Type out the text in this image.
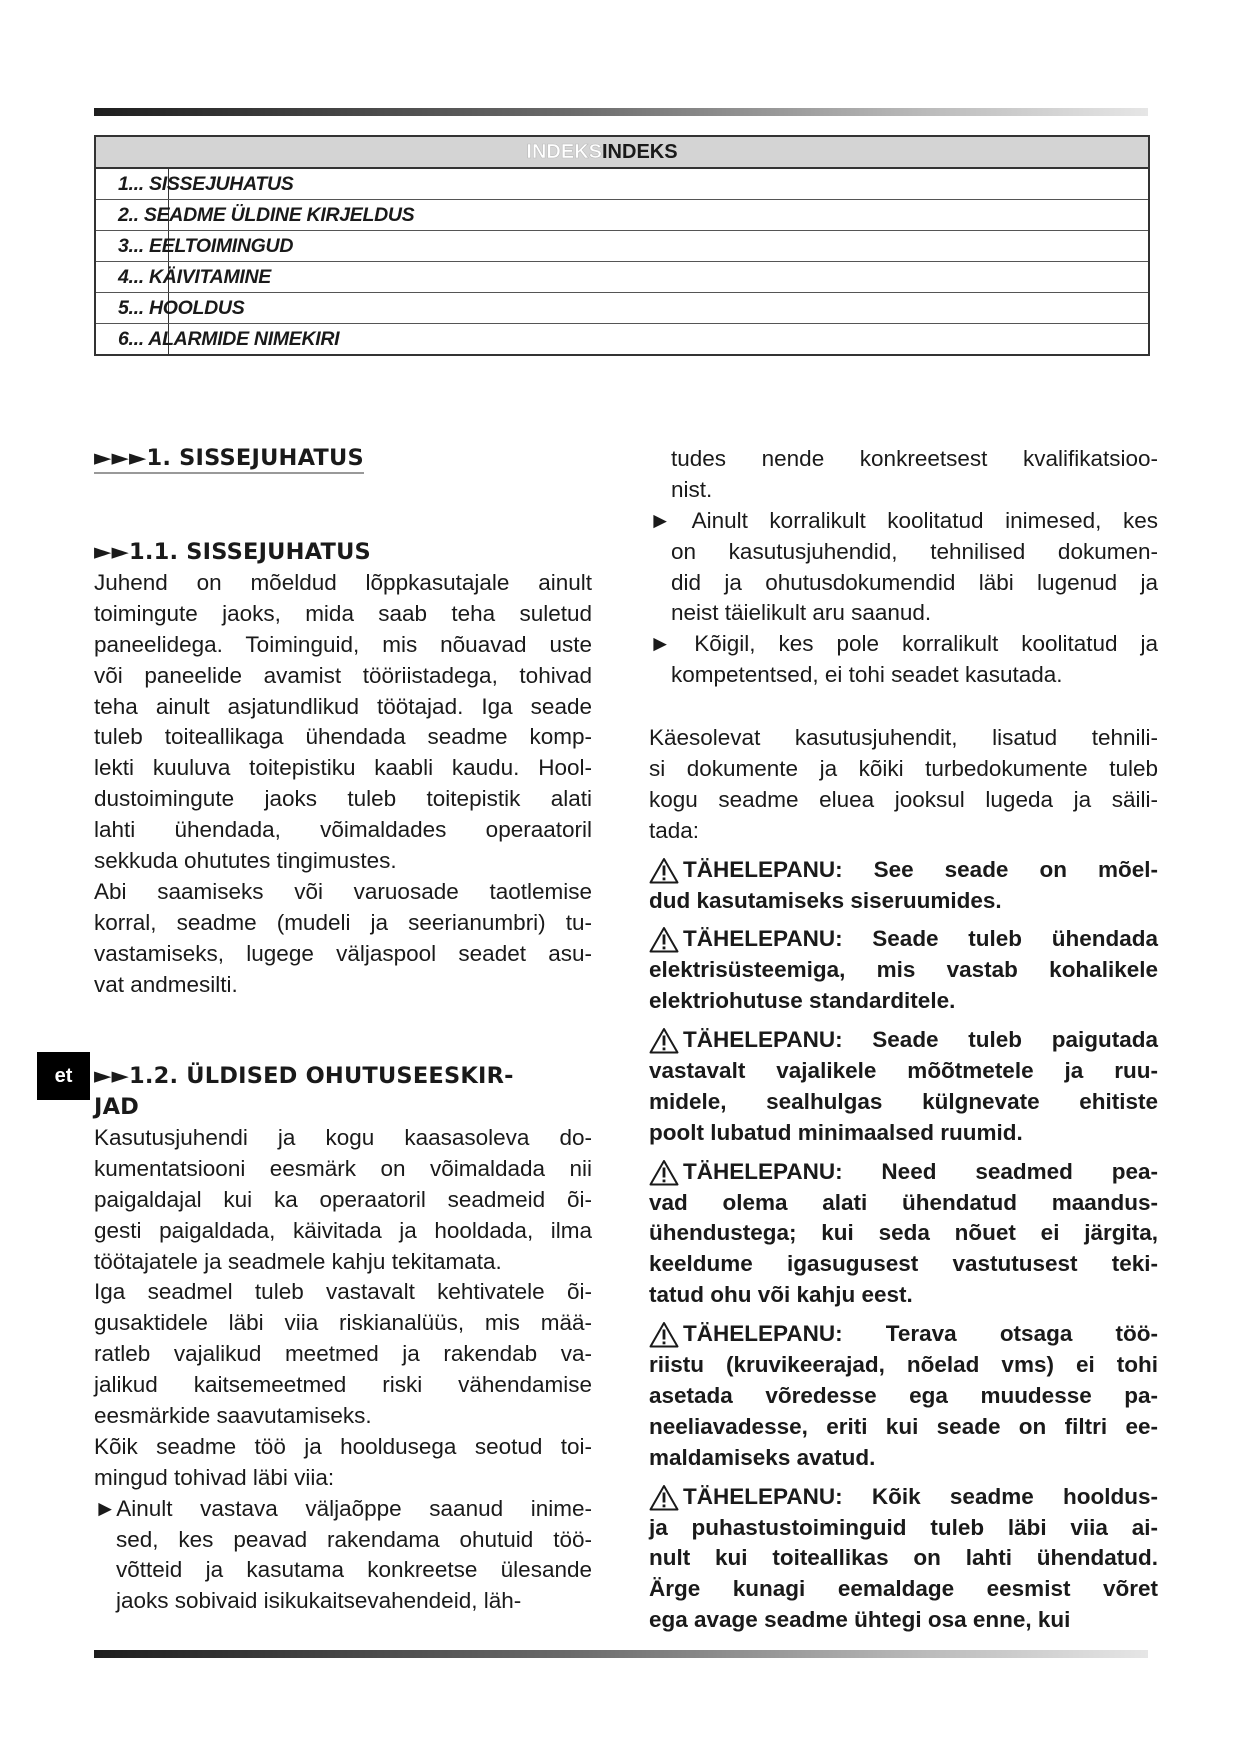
INDEKS INDEKS
1... SISSEJUHATUS
2.. SEADME ÜLDINE KIRJELDUS
3... EELTOIMINGUD
4... KÄIVITAMINE
5... HOOLDUS
6... ALARMIDE NIMEKIRI
►►►1. SISSEJUHATUS
►►1.1. SISSEJUHATUS
Juhend on mõeldud lõppkasutajale ainult
toimingute jaoks, mida saab teha suletud
paneelidega. Toiminguid, mis nõuavad uste
või paneelide avamist tööriistadega, tohivad
teha ainult asjatundlikud töötajad. Iga seade
tuleb toiteallikaga ühendada seadme komp-
lekti kuuluva toitepistiku kaabli kaudu. Hool-
dustoimingute jaoks tuleb toitepistik alati
lahti ühendada, võimaldades operaatoril
sekkuda ohututes tingimustes.
Abi saamiseks või varuosade taotlemise
korral, seadme (mudeli ja seerianumbri) tu-
vastamiseks, lugege väljaspool seadet asu-
vat andmesilti.
et ►►1.2. ÜLDISED OHUTUSEESKIR-
JAD
Kasutusjuhendi ja kogu kaasasoleva do-
kumentatsiooni eesmärk on võimaldada nii
paigaldajal kui ka operaatoril seadmeid õi-
gesti paigaldada, käivitada ja hooldada, ilma
töötajatele ja seadmele kahju tekitamata.
Iga seadmel tuleb vastavalt kehtivatele õi-
gusaktidele läbi viia riskianalüüs, mis mää-
ratleb vajalikud meetmed ja rakendab va-
jalikud kaitsemeetmed riski vähendamise
eesmärkide saavutamiseks.
Kõik seadme töö ja hooldusega seotud toi-
mingud tohivad läbi viia:
►Ainult vastava väljaõppe saanud inime-
sed, kes peavad rakendama ohutuid töö-
võtteid ja kasutama konkreetse ülesande
jaoks sobivaid isikukaitsevahendeid, läh-
tudes nende konkreetsest kvalifikatsioo-
nist.
► Ainult korralikult koolitatud inimesed, kes
on kasutusjuhendid, tehnilised dokumen-
did ja ohutusdokumendid läbi lugenud ja
neist täielikult aru saanud.
► Kõigil, kes pole korralikult koolitatud ja
kompetentsed, ei tohi seadet kasutada.
Käesolevat kasutusjuhendit, lisatud tehnili-
si dokumente ja kõiki turbedokumente tuleb
kogu seadme eluea jooksul lugeda ja säili-
tada:
TÄHELEPANU: See seade on mõel-
dud kasutamiseks siseruumides.
TÄHELEPANU: Seade tuleb ühendada
elektrisüsteemiga, mis vastab kohalikele
elektriohutuse standarditele.
TÄHELEPANU: Seade tuleb paigutada
vastavalt vajalikele mõõtmetele ja ruu-
midele, sealhulgas külgnevate ehitiste
poolt lubatud minimaalsed ruumid.
TÄHELEPANU: Need seadmed pea-
vad olema alati ühendatud maandus-
ühendustega; kui seda nõuet ei järgita,
keeldume igasugusest vastutusest teki-
tatud ohu või kahju eest.
TÄHELEPANU: Terava otsaga töö-
riistu (kruvikeerajad, nõelad vms) ei tohi
asetada võredesse ega muudesse pa-
neeliavadesse, eriti kui seade on filtri ee-
maldamiseks avatud.
TÄHELEPANU: Kõik seadme hooldus-
ja puhastustoiminguid tuleb läbi viia ai-
nult kui toiteallikas on lahti ühendatud.
Ärge kunagi eemaldage eesmist võret
ega avage seadme ühtegi osa enne, kui
